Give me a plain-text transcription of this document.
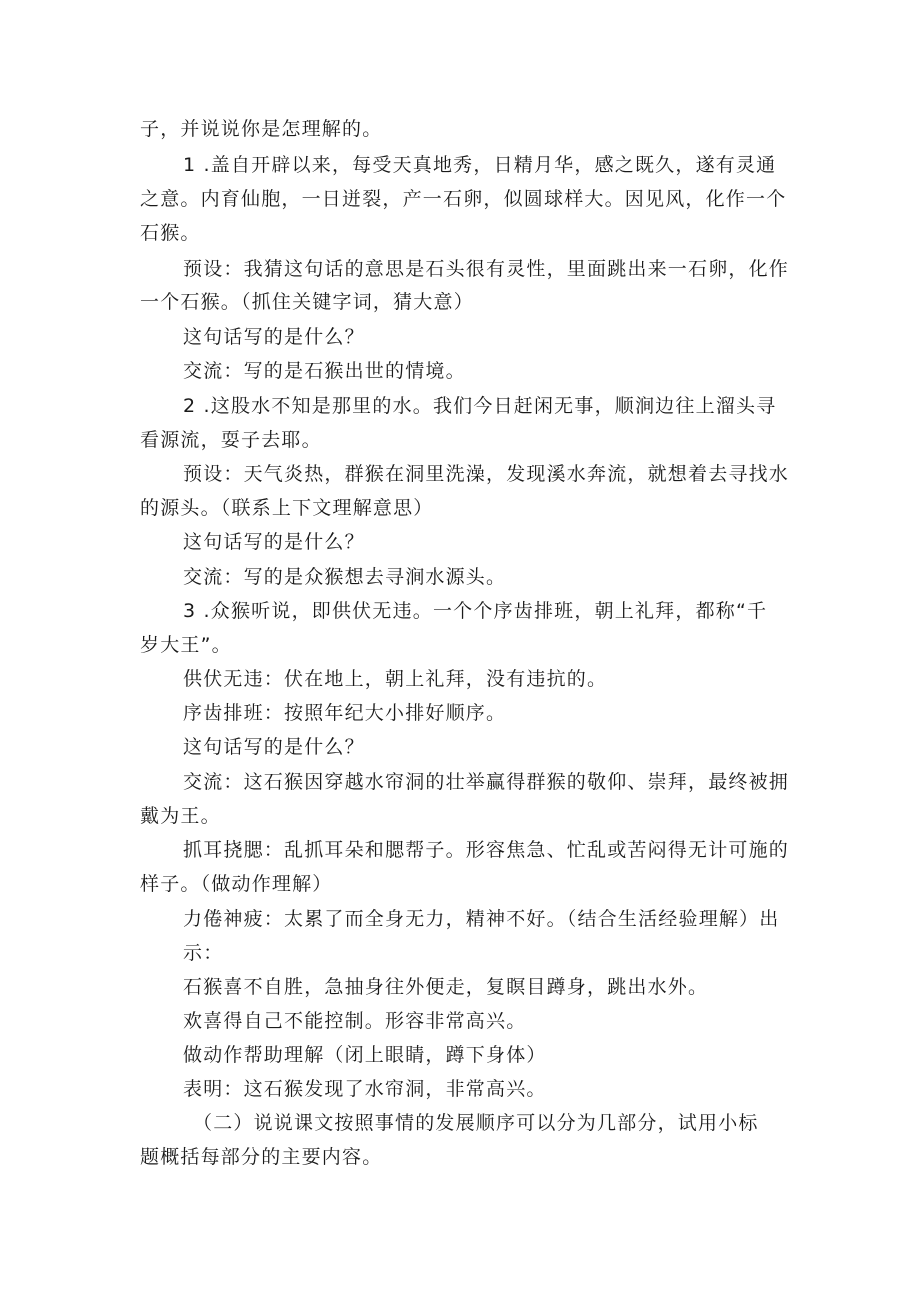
子，并说说你是怎理解的。
1 .盖自开辟以来，每受天真地秀，日精月华，感之既久，遂有灵通
之意。内育仙胞，一日迸裂，产一石卵，似圆球样大。因见风，化作一个
石猴。
预设：我猜这句话的意思是石头很有灵性，里面跳出来一石卵，化作
一个石猴。（抓住关键字词，猜大意）
这句话写的是什么？
交流：写的是石猴出世的情境。
2 .这股水不知是那里的水。我们今日赶闲无事，顺涧边往上溜头寻
看源流，耍子去耶。
预设：天气炎热，群猴在洞里洗澡，发现溪水奔流，就想着去寻找水
的源头。（联系上下文理解意思）
这句话写的是什么？
交流：写的是众猴想去寻涧水源头。
3 .众猴听说，即供伏无违。一个个序齿排班，朝上礼拜，都称“千
岁大王”。
供伏无违：伏在地上，朝上礼拜，没有违抗的。
序齿排班：按照年纪大小排好顺序。
这句话写的是什么？
交流：这石猴因穿越水帘洞的壮举赢得群猴的敬仰、崇拜，最终被拥
戴为王。
抓耳挠腮：乱抓耳朵和腮帮子。形容焦急、忙乱或苦闷得无计可施的
样子。（做动作理解）
力倦神疲：太累了而全身无力，精神不好。（结合生活经验理解）出
示：
石猴喜不自胜，急抽身往外便走，复瞑目蹲身，跳出水外。
欢喜得自己不能控制。形容非常高兴。
做动作帮助理解（闭上眼睛，蹲下身体）
表明：这石猴发现了水帘洞，非常高兴。
（二）说说课文按照事情的发展顺序可以分为几部分，试用小标
题概括每部分的主要内容。
